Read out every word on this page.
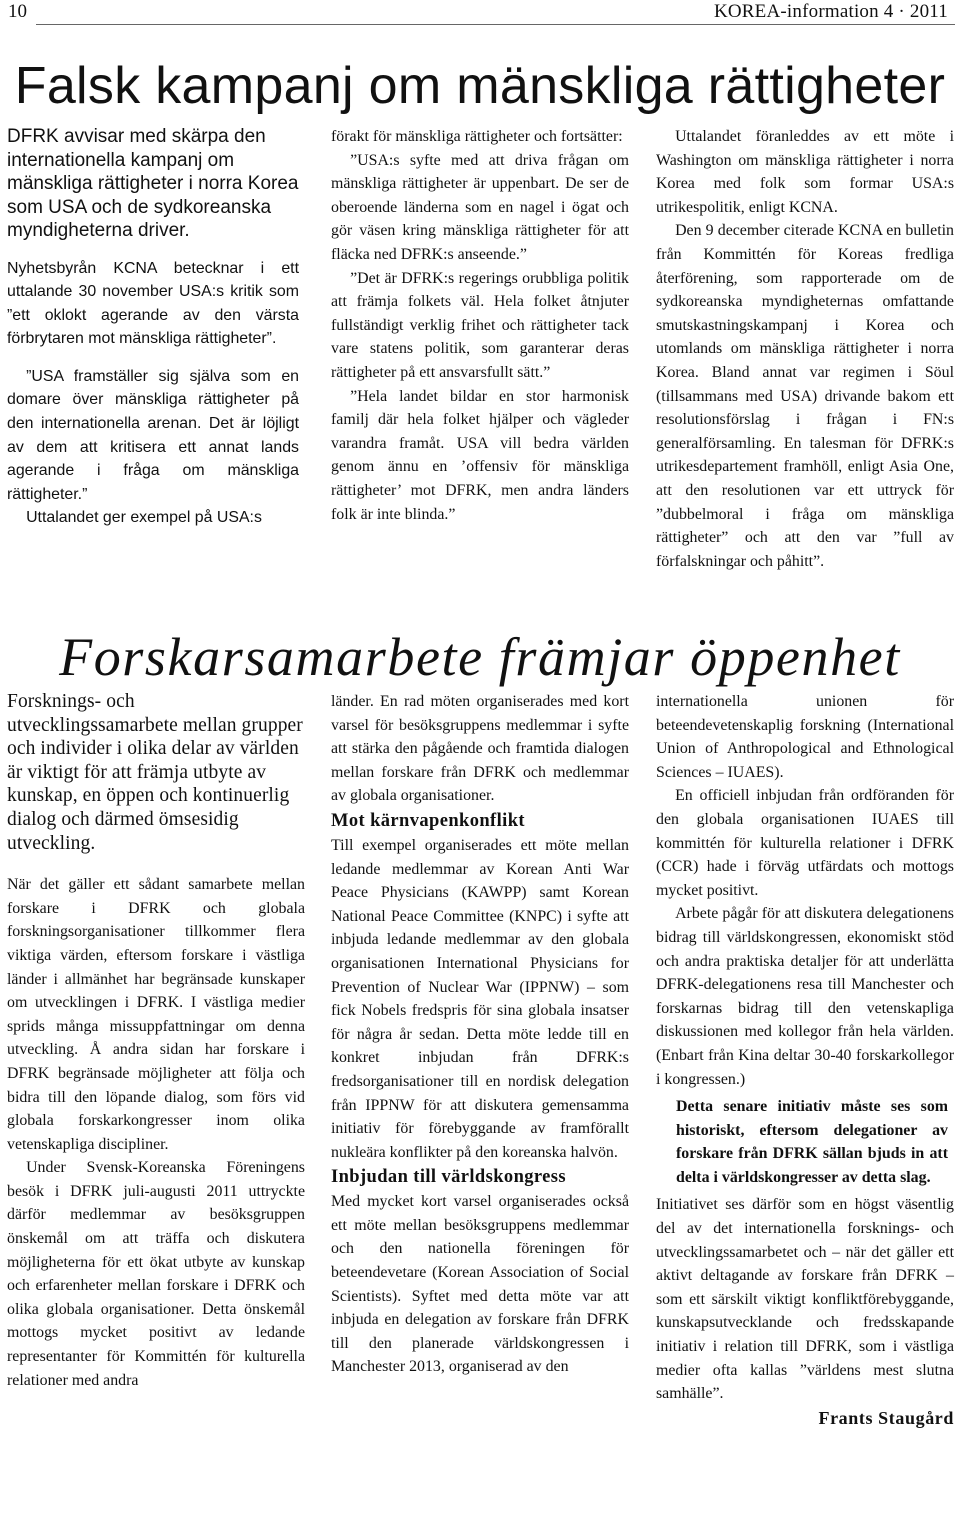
10	KOREA-information 4 · 2011
Falsk kampanj om mänskliga rättigheter

DFRK avvisar med skärpa den internationella kampanj om mänskliga rättigheter i norra Korea som USA och de sydkoreanska myndigheterna driver.

Nyhetsbyrån KCNA betecknar i ett uttalande 30 november USA:s kritik som ”ett oklokt agerande av den värsta förbrytaren mot mänskliga rättigheter”.

”USA framställer sig själva som en domare över mänskliga rättigheter på den internationella arenan. Det är löjligt av dem att kritisera ett annat lands agerande i fråga om mänskliga rättigheter.”

Uttalandet ger exempel på USA:s

förakt för mänskliga rättigheter och fortsätter:

”USA:s syfte med att driva frågan om mänskliga rättigheter är uppenbart. De ser de oberoende länderna som en nagel i ögat och gör väsen kring mänskliga rättigheter för att fläcka ned DFRK:s anseende.”

”Det är DFRK:s regerings orubbliga politik att främja folkets väl. Hela folket åtnjuter fullständigt verklig frihet och rättigheter tack vare statens politik, som garanterar deras rättigheter på ett ansvarsfullt sätt.”

”Hela landet bildar en stor harmonisk familj där hela folket hjälper och vägleder varandra framåt. USA vill bedra världen genom ännu en ’offensiv för mänskliga rättigheter’ mot DFRK, men andra länders folk är inte blinda.”

Uttalandet föranleddes av ett möte i Washington om mänskliga rättigheter i norra Korea med folk som formar USA:s utrikespolitik, enligt KCNA.

Den 9 december citerade KCNA en bulletin från Kommittén för Koreas fredliga återförening, som rapporterade om de sydkoreanska myndigheternas omfattande smutskastningskampanj i Korea och utomlands om mänskliga rättigheter i norra Korea. Bland annat var regimen i Söul (tillsammans med USA) drivande bakom ett resolutionsförslag i frågan i FN:s generalförsamling. En talesman för DFRK:s utrikesdepartement framhöll, enligt Asia One, att den resolutionen var ett uttryck för ”dubbelmoral i fråga om mänskliga rättigheter” och att den var ”full av förfalskningar och påhitt”.

Forskarsamarbete främjar öppenhet

Forsknings- och utvecklingssamarbete mellan grupper och individer i olika delar av världen är viktigt för att främja utbyte av kunskap, en öppen och kontinuerlig dialog och därmed ömsesidig utveckling.

När det gäller ett sådant samarbete mellan forskare i DFRK och globala forskningsorganisationer tillkommer flera viktiga värden, eftersom forskare i västliga länder i allmänhet har begränsade kunskaper om utvecklingen i DFRK. I västliga medier sprids många missuppfattningar om denna utveckling. Å andra sidan har forskare i DFRK begränsade möjligheter att följa och bidra till den löpande dialog, som förs vid globala forskarkongresser inom olika vetenskapliga discipliner.

Under Svensk-Koreanska Föreningens besök i DFRK juli-augusti 2011 uttryckte därför medlemmar av besöksgruppen önskemål om att träffa och diskutera möjligheterna för ett ökat utbyte av kunskap och erfarenheter mellan forskare i DFRK och olika globala organisationer. Detta önskemål mottogs mycket positivt av ledande representanter för Kommittén för kulturella relationer med andra

länder. En rad möten organiserades med kort varsel för besöksgruppens medlemmar i syfte att stärka den pågående och framtida dialogen mellan forskare från DFRK och medlemmar av globala organisationer.

Mot kärnvapenkonflikt

Till exempel organiserades ett möte mellan ledande medlemmar av Korean Anti War Peace Physicians (KAWPP) samt Korean National Peace Committee (KNPC) i syfte att inbjuda ledande medlemmar av den globala organisationen International Physicians for Prevention of Nuclear War (IPPNW) – som fick Nobels fredspris för sina globala insatser för några år sedan. Detta möte ledde till en konkret inbjudan från DFRK:s fredsorganisationer till en nordisk delegation från IPPNW för att diskutera gemensamma initiativ för förebyggande av framförallt nukleära konflikter på den koreanska halvön.

Inbjudan till världskongress

Med mycket kort varsel organiserades också ett möte mellan besöksgruppens medlemmar och den nationella föreningen för beteendevetare (Korean Association of Social Scientists). Syftet med detta möte var att inbjuda en delegation av forskare från DFRK till den planerade världskongressen i Manchester 2013, organiserad av den

internationella unionen för beteendevetenskaplig forskning (International Union of Anthropological and Ethnological Sciences – IUAES).

En officiell inbjudan från ordföranden för den globala organisationen IUAES till kommittén för kulturella relationer i DFRK (CCR) hade i förväg utfärdats och mottogs mycket positivt.

Arbete pågår för att diskutera delegationens bidrag till världskongressen, ekonomiskt stöd och andra praktiska detaljer för att underlätta DFRK-delegationens resa till Manchester och forskarnas bidrag till den vetenskapliga diskussionen med kollegor från hela världen. (Enbart från Kina deltar 30-40 forskarkollegor i kongressen.)

Detta senare initiativ måste ses som historiskt, eftersom delegationer av forskare från DFRK sällan bjuds in att delta i världskongresser av detta slag.

Initiativet ses därför som en högst väsentlig del av det internationella forsknings- och utvecklingssamarbetet och – när det gäller ett aktivt deltagande av forskare från DFRK – som ett särskilt viktigt konfliktförebyggande, kunskapsutvecklande och fredsskapande initiativ i relation till DFRK, som i västliga medier ofta kallas ”världens mest slutna samhälle”.

Frants Staugård
